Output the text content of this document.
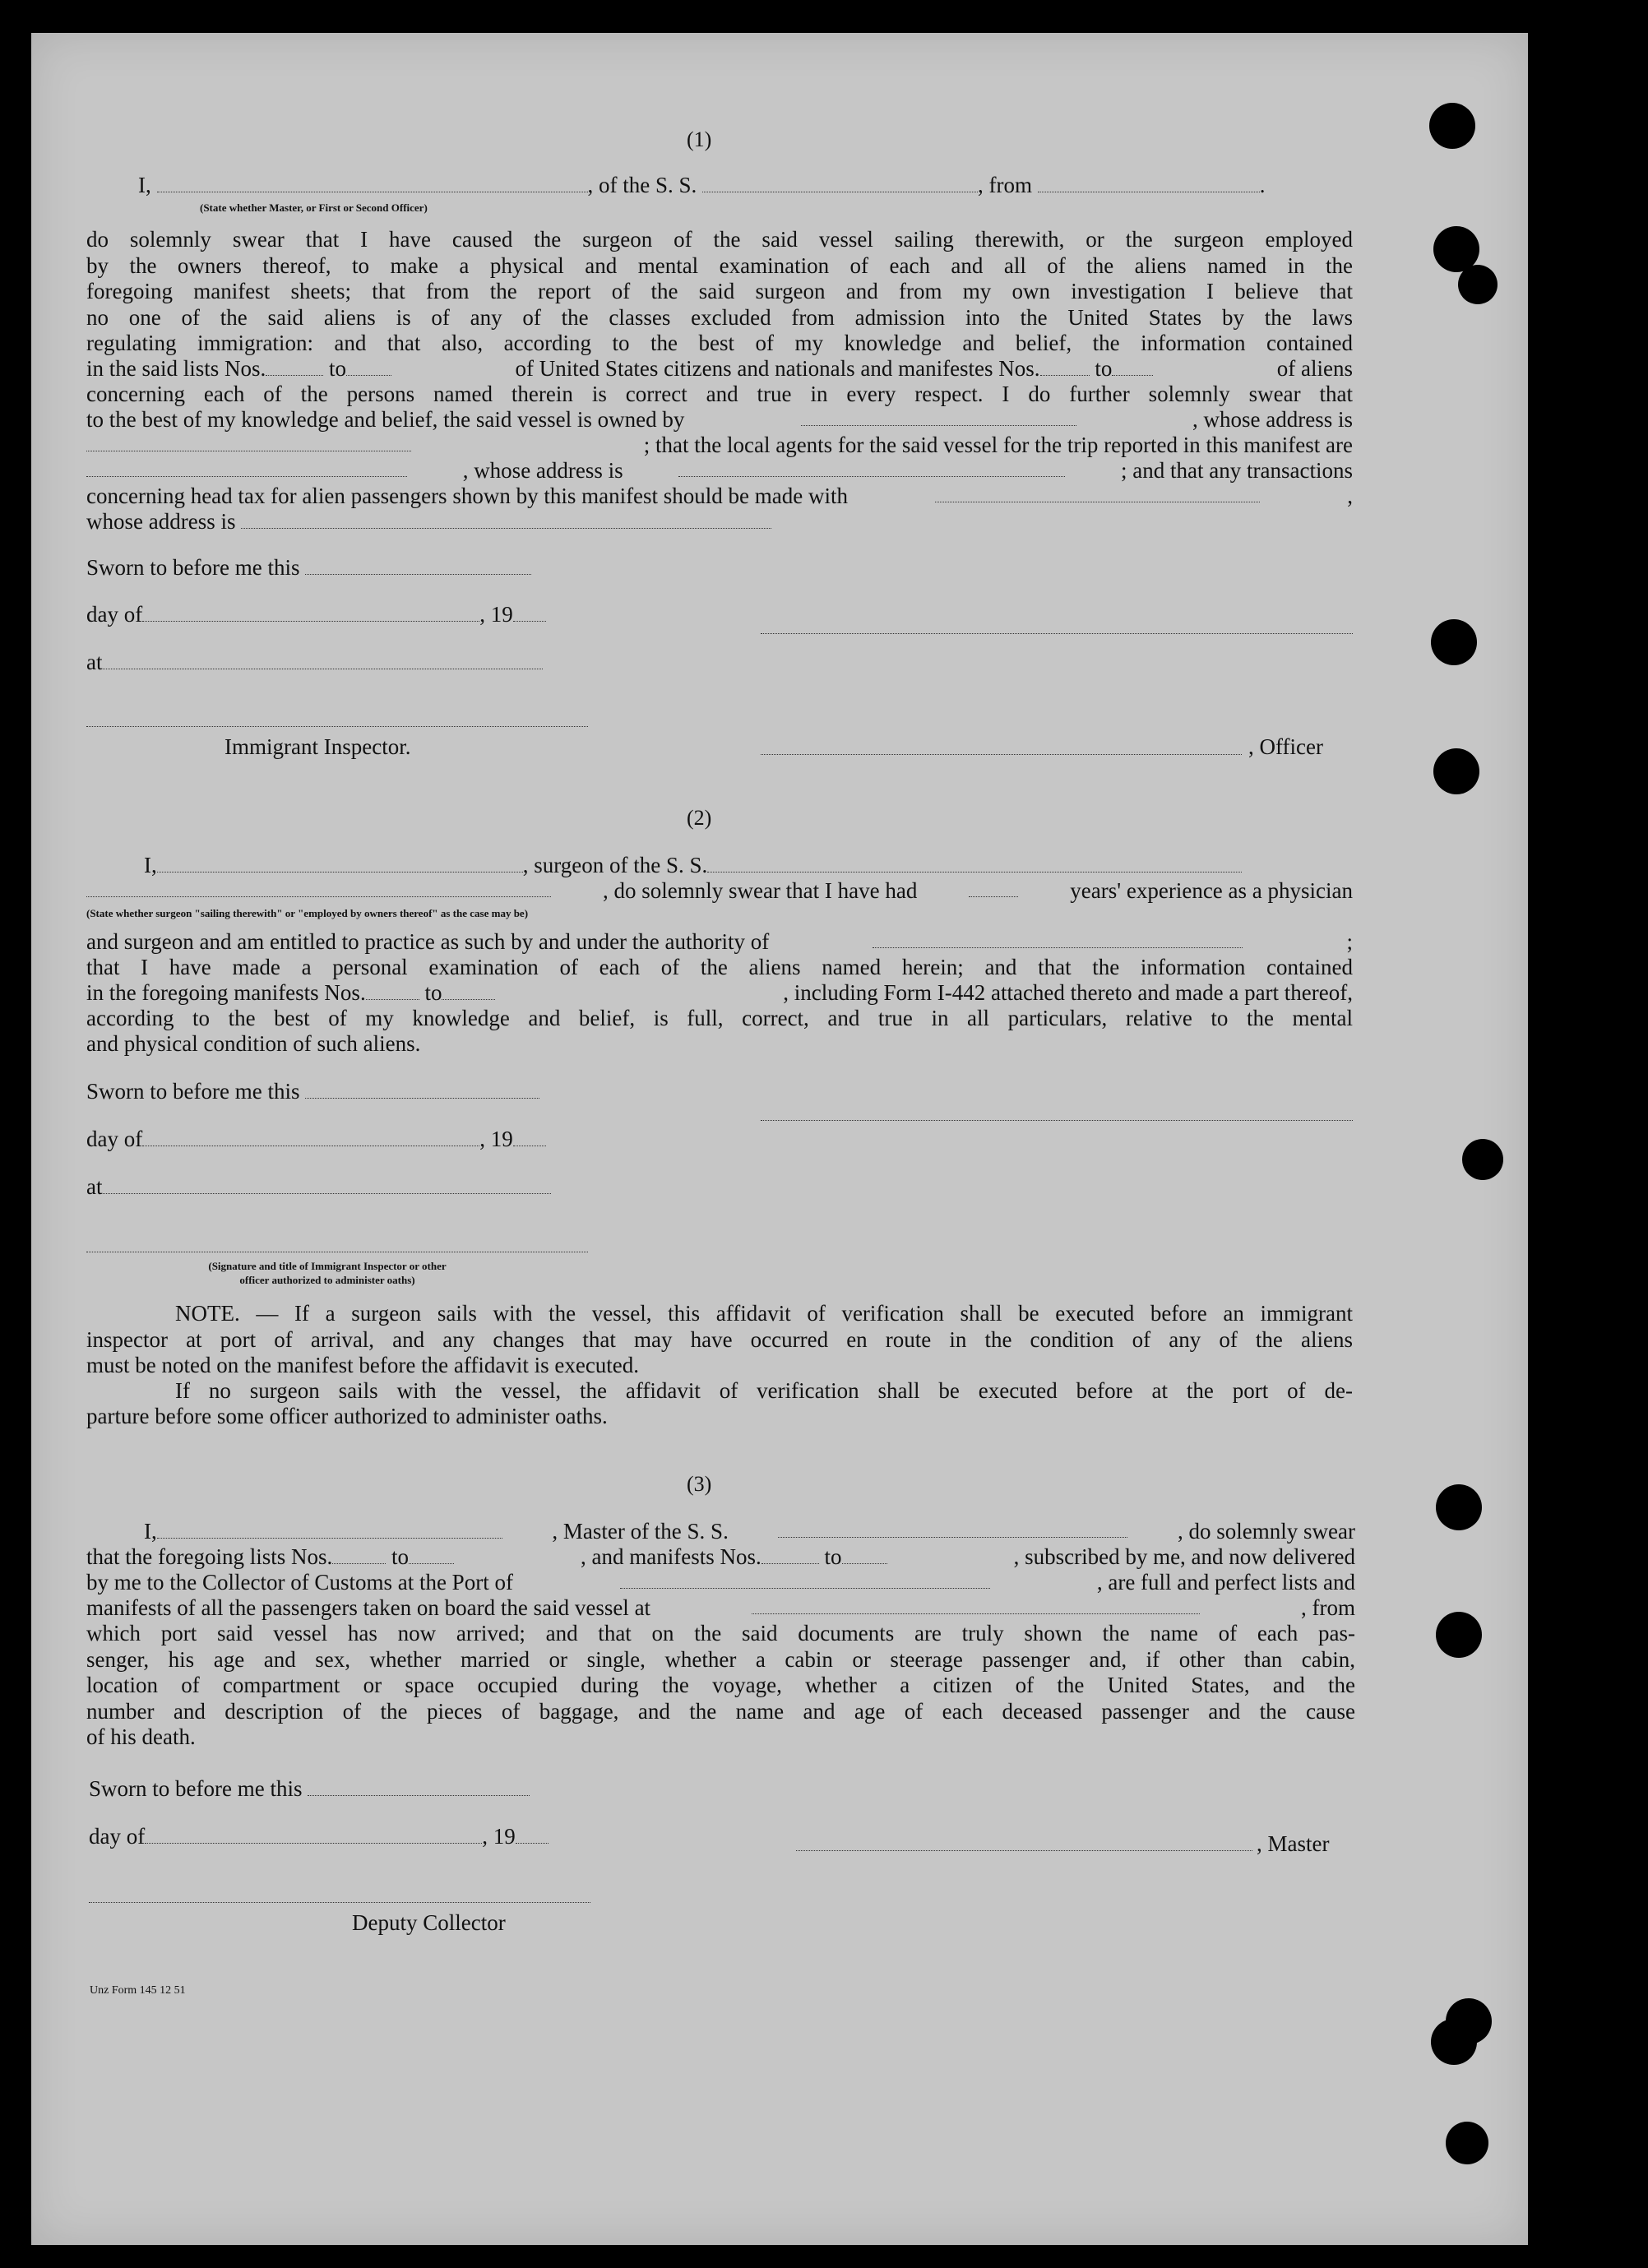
(1)
I,	, of the S. S.	, from	.
(State whether Master, or First or Second Officer)
do solemnly swear that I have caused the surgeon of the said vessel sailing therewith, or the surgeon employed
by the owners thereof, to make a physical and mental examination of each and all of the aliens named in the
foregoing manifest sheets; that from the report of the said surgeon and from my own investigation I believe that
no one of the said aliens is of any of the classes excluded from admission into the United States by the laws
regulating immigration: and that also, according to the best of my knowledge and belief, the information contained
in the said lists Nos.	to	of United States citizens and nationals and manifestes Nos. to	of aliens
concerning each of the persons named therein is correct and true in every respect. I do further solemnly swear that
to the best of my knowledge and belief, the said vessel is owned by	, whose address is
; that the local agents for the said vessel for the trip reported in this manifest are
, whose address is	; and that any transactions
concerning head tax for alien passengers shown by this manifest should be made with	,
whose address is
Sworn to before me this
day of	, 19
at
Immigrant Inspector.	, Officer
(2)
I,	, surgeon of the S. S.
, do solemnly swear that I have had	years' experience as a physician
(State whether surgeon "sailing therewith" or "employed by owners thereof" as the case may be)
and surgeon and am entitled to practice as such by and under the authority of	;
that I have made a personal examination of each of the aliens named herein; and that the information contained
in the foregoing manifests Nos.	to	, including Form I-442 attached thereto and made a part thereof,
according to the best of my knowledge and belief, is full, correct, and true in all particulars, relative to the mental
and physical condition of such aliens.
Sworn to before me this
day of	, 19
at
(Signature and title of Immigrant Inspector or other
officer authorized to administer oaths)
NOTE. — If a surgeon sails with the vessel, this affidavit of verification shall be executed before an immigrant
inspector at port of arrival, and any changes that may have occurred en route in the condition of any of the aliens
must be noted on the manifest before the affidavit is executed.
If no surgeon sails with the vessel, the affidavit of verification shall be executed before at the port of de-
parture before some officer authorized to administer oaths.
(3)
I,	, Master of the S. S.	, do solemnly swear
that the foregoing lists Nos.	to	, and manifests Nos.	to	, subscribed by me, and now delivered
by me to the Collector of Customs at the Port of	, are full and perfect lists and
manifests of all the passengers taken on board the said vessel at	, from
which port said vessel has now arrived; and that on the said documents are truly shown the name of each pas-
senger, his age and sex, whether married or single, whether a cabin or steerage passenger and, if other than cabin,
location of compartment or space occupied during the voyage, whether a citizen of the United States, and the
number and description of the pieces of baggage, and the name and age of each deceased passenger and the cause
of his death.
Sworn to before me this
day of	, 19	, Master
Deputy Collector
Unz Form 145 12 51
